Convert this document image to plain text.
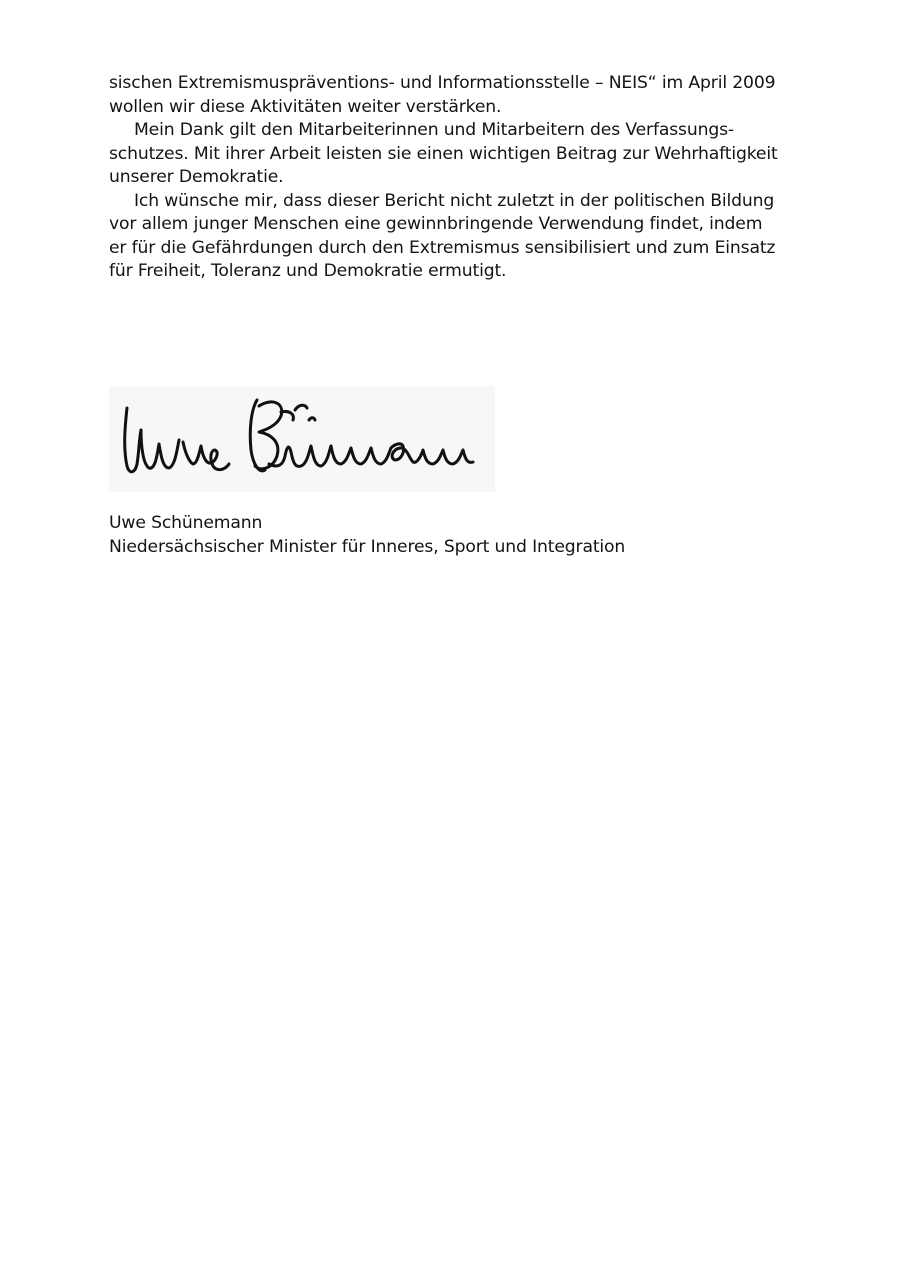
sischen Extremismuspräventions- und Informationsstelle – NEIS“ im April 2009
wollen wir diese Aktivitäten weiter verstärken.
Mein Dank gilt den Mitarbeiterinnen und Mitarbeitern des Verfassungs-
schutzes. Mit ihrer Arbeit leisten sie einen wichtigen Beitrag zur Wehrhaftigkeit
unserer Demokratie.
Ich wünsche mir, dass dieser Bericht nicht zuletzt in der politischen Bildung
vor allem junger Menschen eine gewinnbringende Verwendung findet, indem
er für die Gefährdungen durch den Extremismus sensibilisiert und zum Einsatz
für Freiheit, Toleranz und Demokratie ermutigt.
Uwe Schünemann
Niedersächsischer Minister für Inneres, Sport und Integration
